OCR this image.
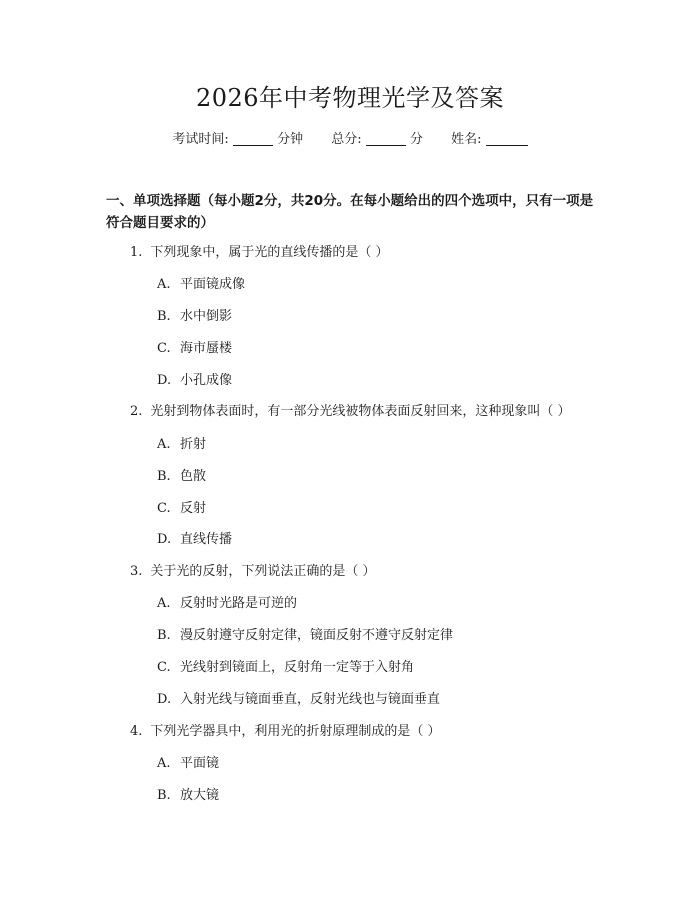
2026年中考物理光学及答案
考试时间:	分钟 总分:	分 姓名:
一、单项选择题（每小题2分，共20分。在每小题给出的四个选项中，只有一项是符合题目要求的）
1. 下列现象中，属于光的直线传播的是（ ）
A. 平面镜成像
B. 水中倒影
C. 海市蜃楼
D. 小孔成像
2. 光射到物体表面时，有一部分光线被物体表面反射回来，这种现象叫（ ）
A. 折射
B. 色散
C. 反射
D. 直线传播
3. 关于光的反射，下列说法正确的是（ ）
A. 反射时光路是可逆的
B. 漫反射遵守反射定律，镜面反射不遵守反射定律
C. 光线射到镜面上，反射角一定等于入射角
D. 入射光线与镜面垂直，反射光线也与镜面垂直
4. 下列光学器具中，利用光的折射原理制成的是（ ）
A. 平面镜
B. 放大镜
